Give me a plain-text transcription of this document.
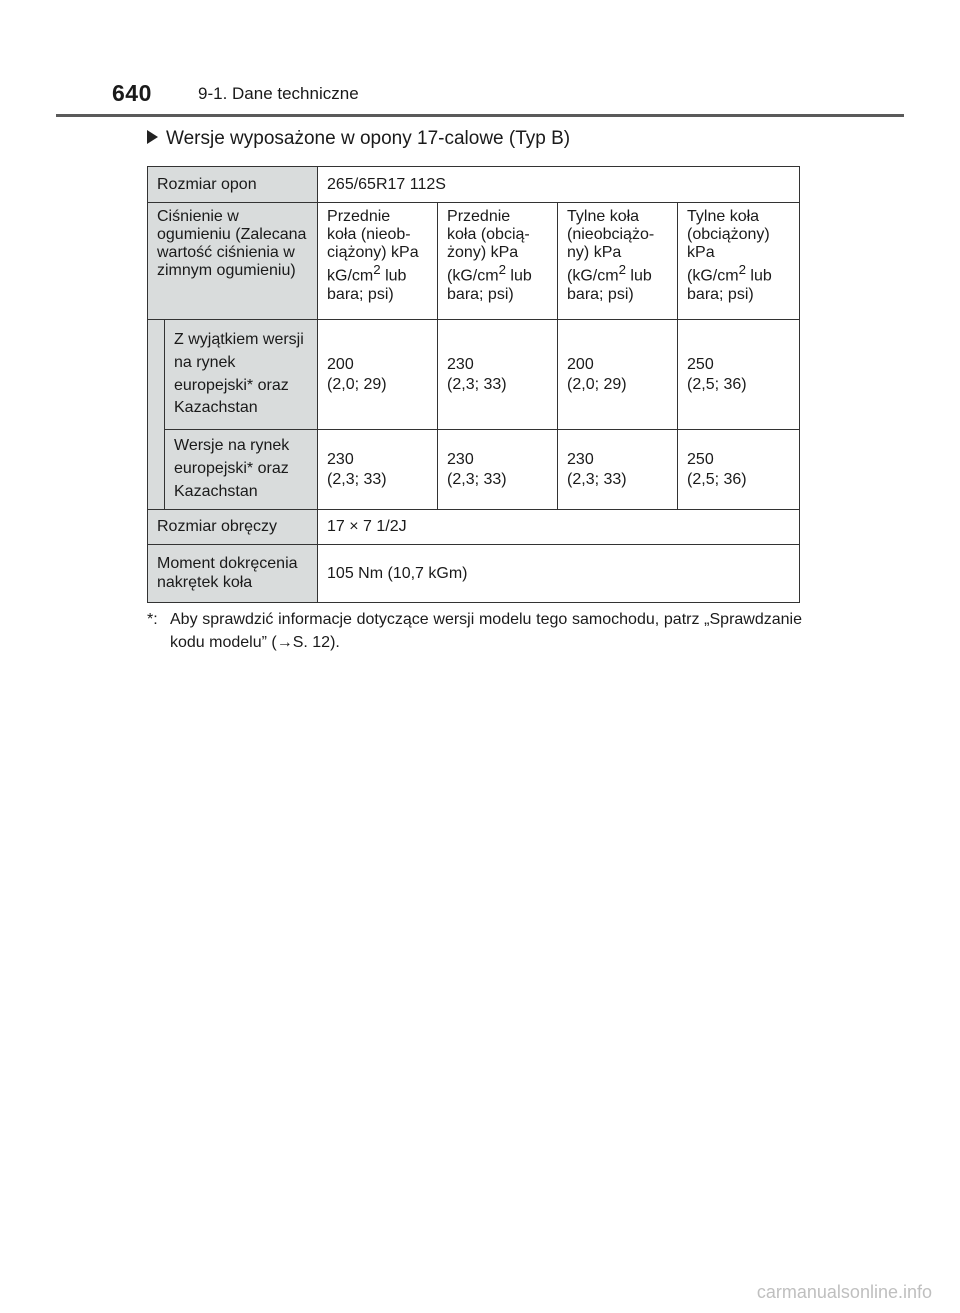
640	9-1. Dane techniczne
Wersje wyposażone w opony 17-calowe (Typ B)
Rozmiar opon		265/65R17 112S			
Ciśnienie w ogumieniu (Zalecana wartość ciśnienia w zimnym ogumieniu)		Przednie
koła (nieob-
ciążony) kPa
$kG/cm^2$ lub
bara; psi)	Przednie
koła (obcią-
żony) kPa
($kG/cm^2$ lub
bara; psi)	Tylne koła
(nieobciążo-
ny) kPa
($kG/cm^2$ lub
bara; psi)	Tylne koła
(obciążony)
kPa
($kG/cm^2$ lub
bara; psi)
	Z wyjątkiem wersji na rynek europejski* oraz Kazachstan	200
(2,0; 29)	230
(2,3; 33)	200
(2,0; 29)	250
(2,5; 36)
	Wersje na rynek europejski* oraz Kazachstan	230
(2,3; 33)	230
(2,3; 33)	230
(2,3; 33)	250
(2,5; 36)
Rozmiar obręczy		17 × 7 1/2J			
Moment dokręcenia nakrętek koła		105 Nm (10,7 kGm)			
*: Aby sprawdzić informacje dotyczące wersji modelu tego samochodu, patrz „Sprawdzanie kodu modelu” (→S. 12).
carmanualsonline.info
